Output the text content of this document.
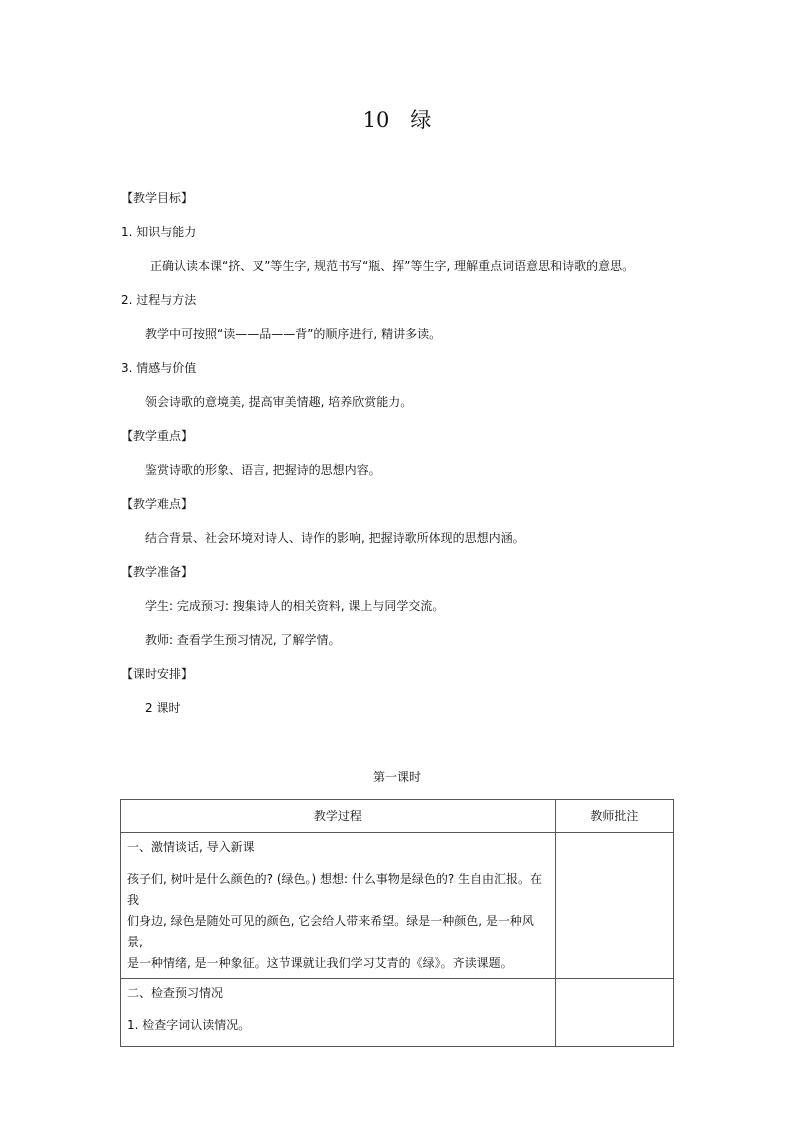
10　绿
【教学目标】
1. 知识与能力
正确认读本课“挤、叉”等生字, 规范书写“瓶、挥”等生字, 理解重点词语意思和诗歌的意思。
2. 过程与方法
教学中可按照“读——品——背”的顺序进行, 精讲多读。
3. 情感与价值
领会诗歌的意境美, 提高审美情趣, 培养欣赏能力。
【教学重点】
鉴赏诗歌的形象、语言, 把握诗的思想内容。
【教学难点】
结合背景、社会环境对诗人、诗作的影响, 把握诗歌所体现的思想内涵。
【教学准备】
学生: 完成预习: 搜集诗人的相关资料, 课上与同学交流。
教师: 查看学生预习情况, 了解学情。
【课时安排】
2 课时
第一课时
教学过程	教师批注

一、激情谈话, 导入新课

孩子们, 树叶是什么颜色的? (绿色。) 想想: 什么事物是绿色的? 生自由汇报。在我

们身边, 绿色是随处可见的颜色, 它会给人带来希望。绿是一种颜色, 是一种风景,

是一种情绪, 是一种象征。这节课就让我们学习艾青的《绿》。齐读课题。	

二、检查预习情况

1. 检查字词认读情况。	
